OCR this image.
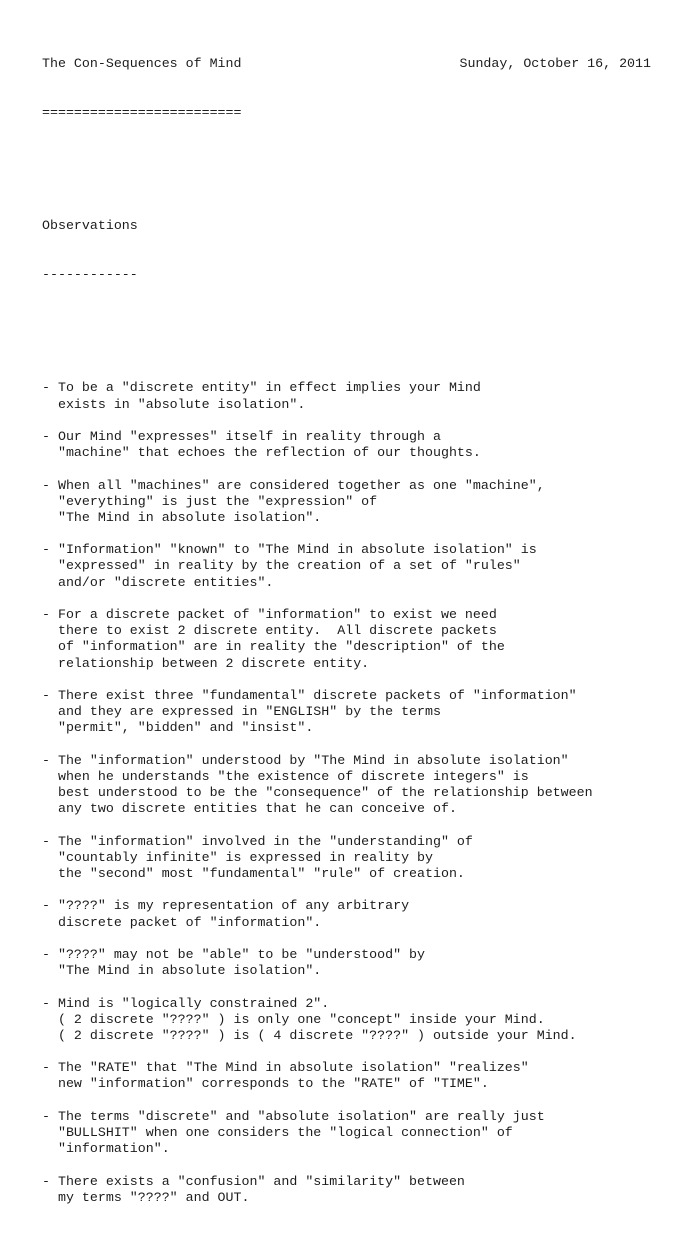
The Con-Sequences of Mind	Sunday, October 16, 2011

=========================

Observations

------------

- To be a "discrete entity" in effect implies your Mind
exists in "absolute isolation".
- Our Mind "expresses" itself in reality through a
"machine" that echoes the reflection of our thoughts.
- When all "machines" are considered together as one "machine",
"everything" is just the "expression" of
"The Mind in absolute isolation".
- "Information" "known" to "The Mind in absolute isolation" is
"expressed" in reality by the creation of a set of "rules"
and/or "discrete entities".
- For a discrete packet of "information" to exist we need
there to exist 2 discrete entity.  All discrete packets
of "information" are in reality the "description" of the
relationship between 2 discrete entity.
- There exist three "fundamental" discrete packets of "information"
and they are expressed in "ENGLISH" by the terms
"permit", "bidden" and "insist".
- The "information" understood by "The Mind in absolute isolation"
when he understands "the existence of discrete integers" is
best understood to be the "consequence" of the relationship between
any two discrete entities that he can conceive of.
- The "information" involved in the "understanding" of
"countably infinite" is expressed in reality by
the "second" most "fundamental" "rule" of creation.
- "????" is my representation of any arbitrary
discrete packet of "information".
- "????" may not be "able" to be "understood" by
"The Mind in absolute isolation".
- Mind is "logically constrained 2".
( 2 discrete "????" ) is only one "concept" inside your Mind.
( 2 discrete "????" ) is ( 4 discrete "????" ) outside your Mind.
- The "RATE" that "The Mind in absolute isolation" "realizes"
new "information" corresponds to the "RATE" of "TIME".
- The terms "discrete" and "absolute isolation" are really just
"BULLSHIT" when one considers the "logical connection" of
"information".
- There exists a "confusion" and "similarity" between
my terms "????" and OUT.
